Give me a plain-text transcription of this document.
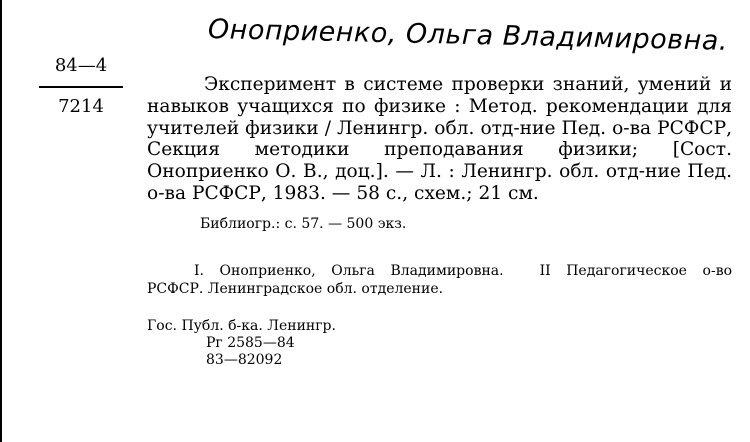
Оноприенко, Ольга Владимировна.
84—4
7214
Эксперимент в системе проверки знаний, умений и навыков учащихся по физике : Метод. рекомендации для учителей физики / Ленингр. обл. отд-ние Пед. о-ва РСФСР, Секция методики преподавания физики; [Сост. Оноприенко О. В., доц.]. — Л. : Ленингр. обл. отд-ние Пед. о-ва РСФСР, 1983. — 58 с., схем.; 21 см.
Библиогр.: с. 57. — 500 экз.
I. Оноприенко, Ольга Владимировна.	II Педагогическое о-во РСФСР. Ленинградское обл. отделение.
Гос. Публ. б-ка. Ленингр.
Рг 2585—84
83—82092
